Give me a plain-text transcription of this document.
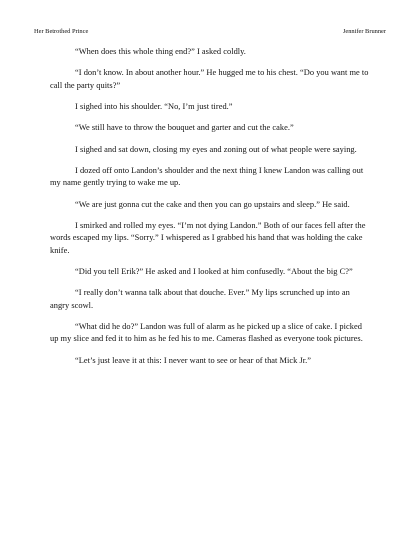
Her Betrothed Prince	Jennifer Brunner

“When does this whole thing end?” I asked coldly.

“I don’t know. In about another hour.” He hugged me to his chest. “Do you want me to call the party quits?”

I sighed into his shoulder. “No, I’m just tired.”

“We still have to throw the bouquet and garter and cut the cake.”

I sighed and sat down, closing my eyes and zoning out of what people were saying.

I dozed off onto Landon’s shoulder and the next thing I knew Landon was calling out my name gently trying to wake me up.

“We are just gonna cut the cake and then you can go upstairs and sleep.” He said.

I smirked and rolled my eyes. “I’m not dying Landon.” Both of our faces fell after the words escaped my lips. “Sorry.” I whispered as I grabbed his hand that was holding the cake knife.

“Did you tell Erik?” He asked and I looked at him confusedly. “About the big C?”

“I really don’t wanna talk about that douche. Ever.” My lips scrunched up into an angry scowl.

“What did he do?” Landon was full of alarm as he picked up a slice of cake. I picked up my slice and fed it to him as he fed his to me. Cameras flashed as everyone took pictures.

“Let’s just leave it at this: I never want to see or hear of that Mick Jr.”
